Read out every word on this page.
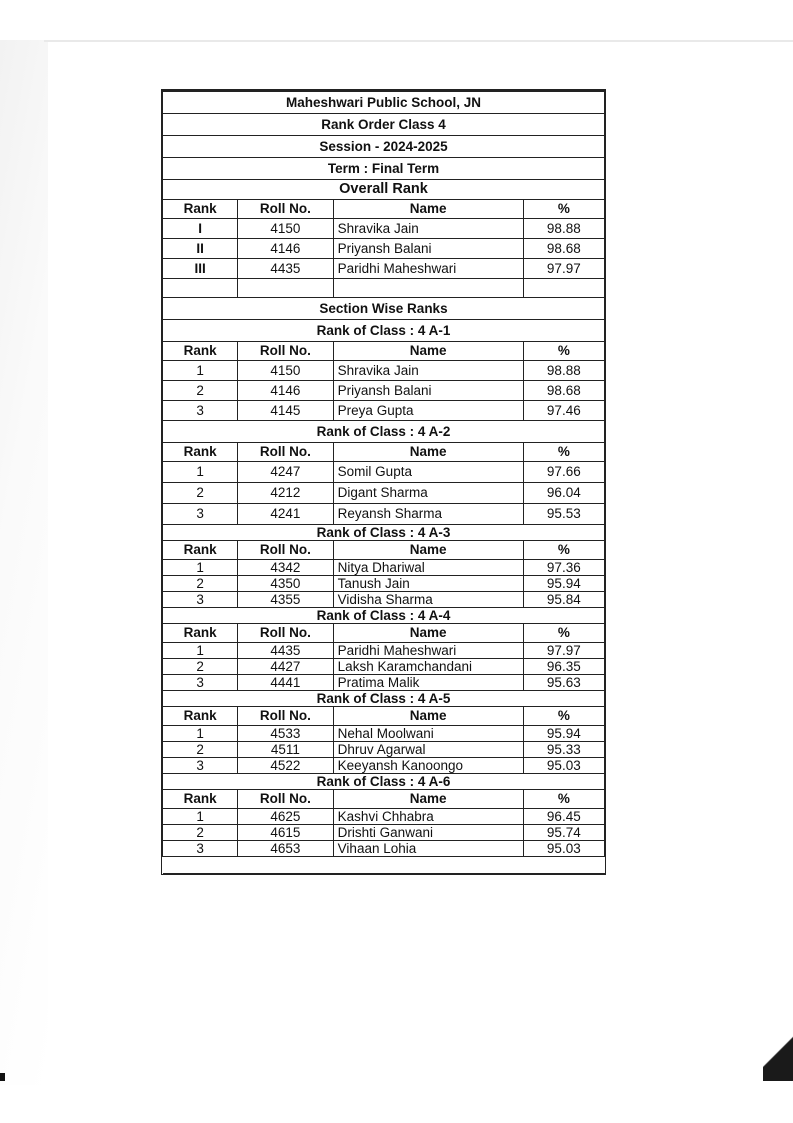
Maheshwari Public School, JN			
Rank Order Class 4			
Session - 2024-2025			
Term : Final Term			
Overall Rank			
Rank	Roll No.	Name	%
I	4150	Shravika Jain	98.88
II	4146	Priyansh Balani	98.68
III	4435	Paridhi Maheshwari	97.97

Section Wise Ranks			
Rank of Class : 4 A-1			
Rank	Roll No.	Name	%
1	4150	Shravika Jain	98.88
2	4146	Priyansh Balani	98.68
3	4145	Preya Gupta	97.46
Rank of Class : 4 A-2			
Rank	Roll No.	Name	%
1	4247	Somil Gupta	97.66
2	4212	Digant Sharma	96.04
3	4241	Reyansh Sharma	95.53
Rank of Class : 4 A-3			
Rank	Roll No.	Name	%
1	4342	Nitya Dhariwal	97.36
2	4350	Tanush Jain	95.94
3	4355	Vidisha Sharma	95.84
Rank of Class : 4 A-4			
Rank	Roll No.	Name	%
1	4435	Paridhi Maheshwari	97.97
2	4427	Laksh Karamchandani	96.35
3	4441	Pratima Malik	95.63
Rank of Class : 4 A-5			
Rank	Roll No.	Name	%
1	4533	Nehal Moolwani	95.94
2	4511	Dhruv Agarwal	95.33
3	4522	Keeyansh Kanoongo	95.03
Rank of Class : 4 A-6			
Rank	Roll No.	Name	%
1	4625	Kashvi Chhabra	96.45
2	4615	Drishti Ganwani	95.74
3	4653	Vihaan Lohia	95.03
